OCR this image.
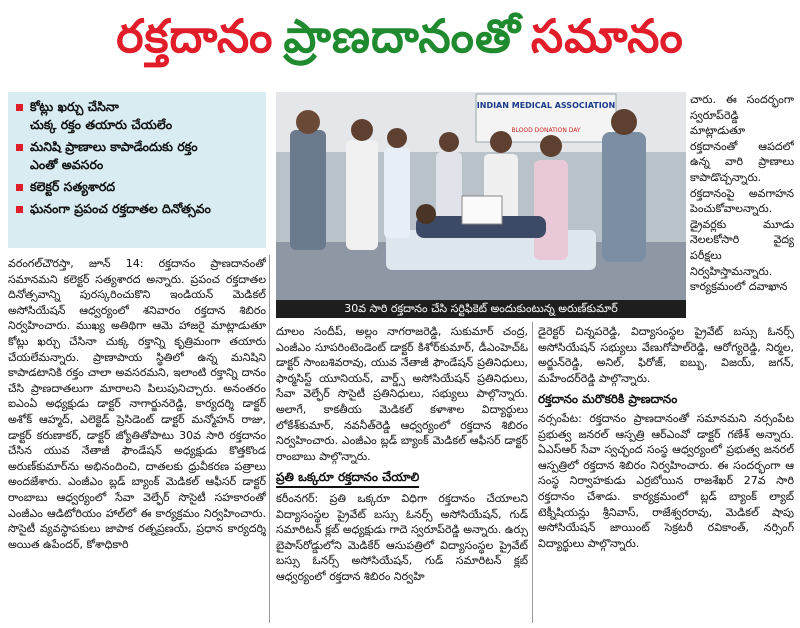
రక్తదానం ప్రాణదానంతో సమానం
కోట్లు ఖర్చు చేసినా
చుక్క రక్తం తయారు చేయలేం
మనిషి ప్రాణాలు కాపాడేందుకు రక్తం
ఎంతో అవసరం
కలెక్టర్ సత్యశారద
ఘనంగా ప్రపంచ రక్తదాతల దినోత్సవం
INDIAN MEDICAL ASSOCIATION
BLOOD DONATION DAY
30వ సారి రక్తదానం చేసి సర్టిఫికెట్ అందుకుంటున్న అరుణ్‌కుమార్

చారు. ఈ సందర్భంగా స్వరూప్‌రెడ్డి మాట్లాడుతూ రక్తదానంతో ఆపదలో ఉన్న వారి ప్రాణాలు కాపాడొచ్చన్నారు. రక్తదానంపై అవగాహన పెంచుకోవాలన్నారు. డ్రైవర్లకు మూడు నెలలకోసారి వైద్య పరీక్షలు నిర్వహిస్తామన్నారు. కార్యక్రమంలో దవాఖాన

వరంగల్‌చౌరస్తా, జూన్ 14: రక్తదానం ప్రాణదానంతో సమానమని కలెక్టర్ సత్యశారద అన్నారు. ప్రపంచ రక్తదాతల దినోత్సవాన్ని పురస్కరించుకొని ఇండియన్ మెడికల్ అసోసియేషన్ ఆధ్వర్యంలో శనివారం రక్తదాన శిబిరం నిర్వహించారు. ముఖ్య అతిథిగా ఆమె హాజరై మాట్లాడుతూ కోట్లు ఖర్చు చేసినా చుక్క రక్తాన్ని కృత్రిమంగా తయారు చేయలేమన్నారు. ప్రాణాపాయ స్థితిలో ఉన్న మనిషిని కాపాడటానికి రక్తం చాలా అవసరమని, ఇలాంటి రక్తాన్ని దానం చేసి ప్రాణదాతలుగా మారాలని పిలుపునిచ్చారు. అనంతరం ఐఎంఏ అధ్యక్షుడు డాక్టర్ నాగార్జునరెడ్డి, కార్యదర్శి డాక్టర్ అశోక్ ఆహ్మద్, ఎలెక్టెడ్ ప్రెసిడెంట్ డాక్టర్ మన్మోహన్ రాజు, డాక్టర్ కరుణాకర్, డాక్టర్ జ్యోతితోపాటు 30వ సారి రక్తదానం చేసిన యువ నేతాజీ ఫౌండేషన్ అధ్యక్షుడు కొత్తకొండ అరుణ్‌కుమార్‌ను అభినందించి, దాతలకు ధ్రువీకరణ పత్రాలు అందజేశారు. ఎంజీఎం బ్లడ్ బ్యాంక్ మెడికల్ ఆఫీసర్ డాక్టర్ రాంబాబు ఆధ్వర్యంలో సేవా వెల్ఫేర్ సొసైటీ సహకారంతో ఎంజీఎం ఆడిటోరియం హాల్‌లో ఈ కార్యక్రమం నిర్వహించారు. సొసైటీ వ్యవస్థాపకులు జాపాక రత్నప్రణయ్, ప్రధాన కార్యదర్శి అయిత ఉపేందర్, కోశాధికారి

దూలం సందీప్, అల్లం నాగరాజరెడ్డి, సుకుమార్ చంద్ర, ఎంజీఎం సూపరింటెండెంట్ డాక్టర్ కిశోర్‌కుమార్, డీఎంహెచ్ఓ డాక్టర్ సాంబశివరావు, యువ నేతాజీ ఫౌండేషన్ ప్రతినిధులు, ఫార్మసిస్ట్ యూనియన్, వార్డ్స్ అసోసియేషన్ ప్రతినిధులు, సేవా వెల్ఫేర్ సొసైటీ ప్రతినిధులు, సభ్యులు పాల్గొన్నారు. అలాగే, కాకతీయ మెడికల్ కళాశాల విద్యార్థులు లోకేశ్‌కుమార్, నవనీత్‌రెడ్డి ఆధ్వర్యంలో రక్తదాన శిబిరం నిర్వహించారు. ఎంజీఎం బ్లడ్ బ్యాంక్ మెడికల్ ఆఫీసర్ డాక్టర్ రాంబాబు పాల్గొన్నారు.

ప్రతి ఒక్కరూ రక్తదానం చేయాలి

కరీంనగర్: ప్రతి ఒక్కరూ విధిగా రక్తదానం చేయాలని విద్యాసంస్థల ప్రైవేట్ బస్సు ఓనర్స్ అసోసియేషన్, గుడ్ సమారిటన్ క్లబ్ అధ్యక్షుడు గాదె స్వరూప్‌రెడ్డి అన్నారు. ఉర్సు బైపాస్‌రోడ్డులోని మెడికేర్ ఆసుపత్రిలో విద్యాసంస్థల ప్రైవేట్ బస్సు ఓనర్స్ అసోసియేషన్, గుడ్ సమారిటన్ క్లబ్ ఆధ్వర్యంలో రక్తదాన శిబిరం నిర్వహి

డైరెక్టర్ చిన్నపరెడ్డి, విద్యాసంస్థల ప్రైవేట్ బస్సు ఓనర్స్ అసోసియేషన్ సభ్యులు వేణుగోపాల్‌రెడ్డి, ఆరోగ్యరెడ్డి, నిర్మల, అర్జున్‌రెడ్డి, అనిల్, ఫిరోజ్, ఐబ్బు, విజయ్, జగన్, మహేందర్‌రెడ్డి పాల్గొన్నారు.

రక్తదానం మరొకరికి ప్రాణదానం

నర్సంపేట: రక్తదానం ప్రాణదానంతో సమానమని నర్సంపేట ప్రభుత్వ జనరల్ ఆస్పత్రి ఆర్ఎంవో డాక్టర్ గణేశ్ అన్నారు. ఏఎస్ఆర్ సేవా స్వచ్ఛంద సంస్థ ఆధ్వర్యంలో ప్రభుత్వ జనరల్ ఆస్పత్రిలో రక్తదాన శిబిరం నిర్వహించారు. ఈ సందర్భంగా ఆ సంస్థ నిర్వాహకుడు ఎర్రబోయిన రాజశేఖర్ 27వ సారి రక్తదానం చేశాడు. కార్యక్రమంలో బ్లడ్ బ్యాంక్ ల్యాబ్ టెక్నీషియన్లు శ్రీనివాస్, రాజేశ్వరరావు, మెడికల్ షాపు అసోసియేషన్ జాయింట్ సెక్రటరీ రవికాంత్, నర్సింగ్ విద్యార్థులు పాల్గొన్నారు.
